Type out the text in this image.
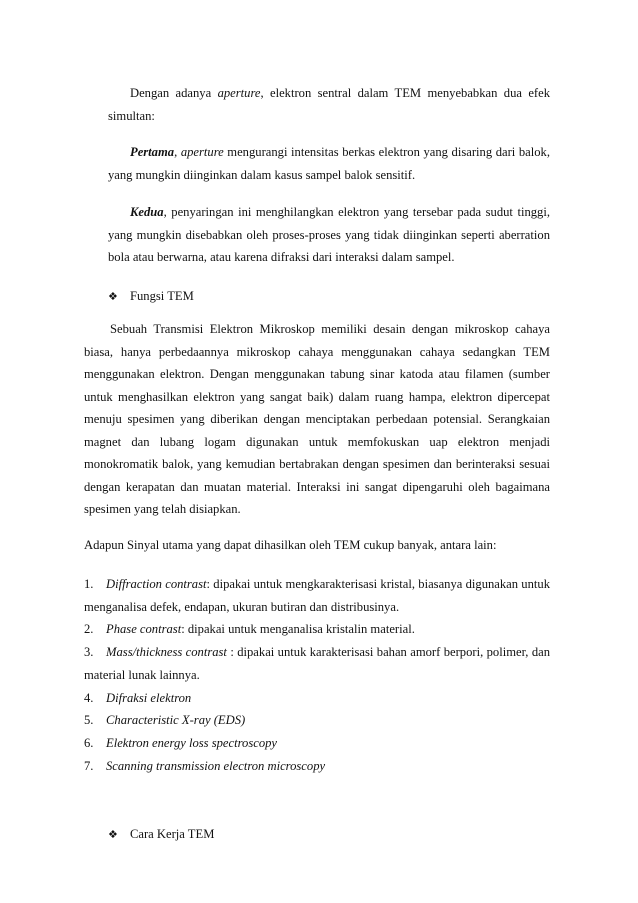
Dengan adanya aperture, elektron sentral dalam TEM menyebabkan dua efek simultan:

Pertama, aperture mengurangi intensitas berkas elektron yang disaring dari balok, yang mungkin diinginkan dalam kasus sampel balok sensitif.

Kedua, penyaringan ini menghilangkan elektron yang tersebar pada sudut tinggi, yang mungkin disebabkan oleh proses-proses yang tidak diinginkan seperti aberration bola atau berwarna, atau karena difraksi dari interaksi dalam sampel.

❖ Fungsi TEM

Sebuah Transmisi Elektron Mikroskop memiliki desain dengan mikroskop cahaya biasa, hanya perbedaannya mikroskop cahaya menggunakan cahaya sedangkan TEM menggunakan elektron. Dengan menggunakan tabung sinar katoda atau filamen (sumber untuk menghasilkan elektron yang sangat baik) dalam ruang hampa, elektron dipercepat menuju spesimen yang diberikan dengan menciptakan perbedaan potensial. Serangkaian magnet dan lubang logam digunakan untuk memfokuskan uap elektron menjadi monokromatik balok, yang kemudian bertabrakan dengan spesimen dan berinteraksi sesuai dengan kerapatan dan muatan material. Interaksi ini sangat dipengaruhi oleh bagaimana spesimen yang telah disiapkan.

Adapun Sinyal utama yang dapat dihasilkan oleh TEM cukup banyak, antara lain:

1. Diffraction contrast: dipakai untuk mengkarakterisasi kristal, biasanya digunakan untuk menganalisa defek, endapan, ukuran butiran dan distribusinya.
2. Phase contrast: dipakai untuk menganalisa kristalin material.
3. Mass/thickness contrast : dipakai untuk karakterisasi bahan amorf berpori, polimer, dan material lunak lainnya.
4. Difraksi elektron
5. Characteristic X-ray (EDS)
6. Elektron energy loss spectroscopy
7. Scanning transmission electron microscopy

❖ Cara Kerja TEM
